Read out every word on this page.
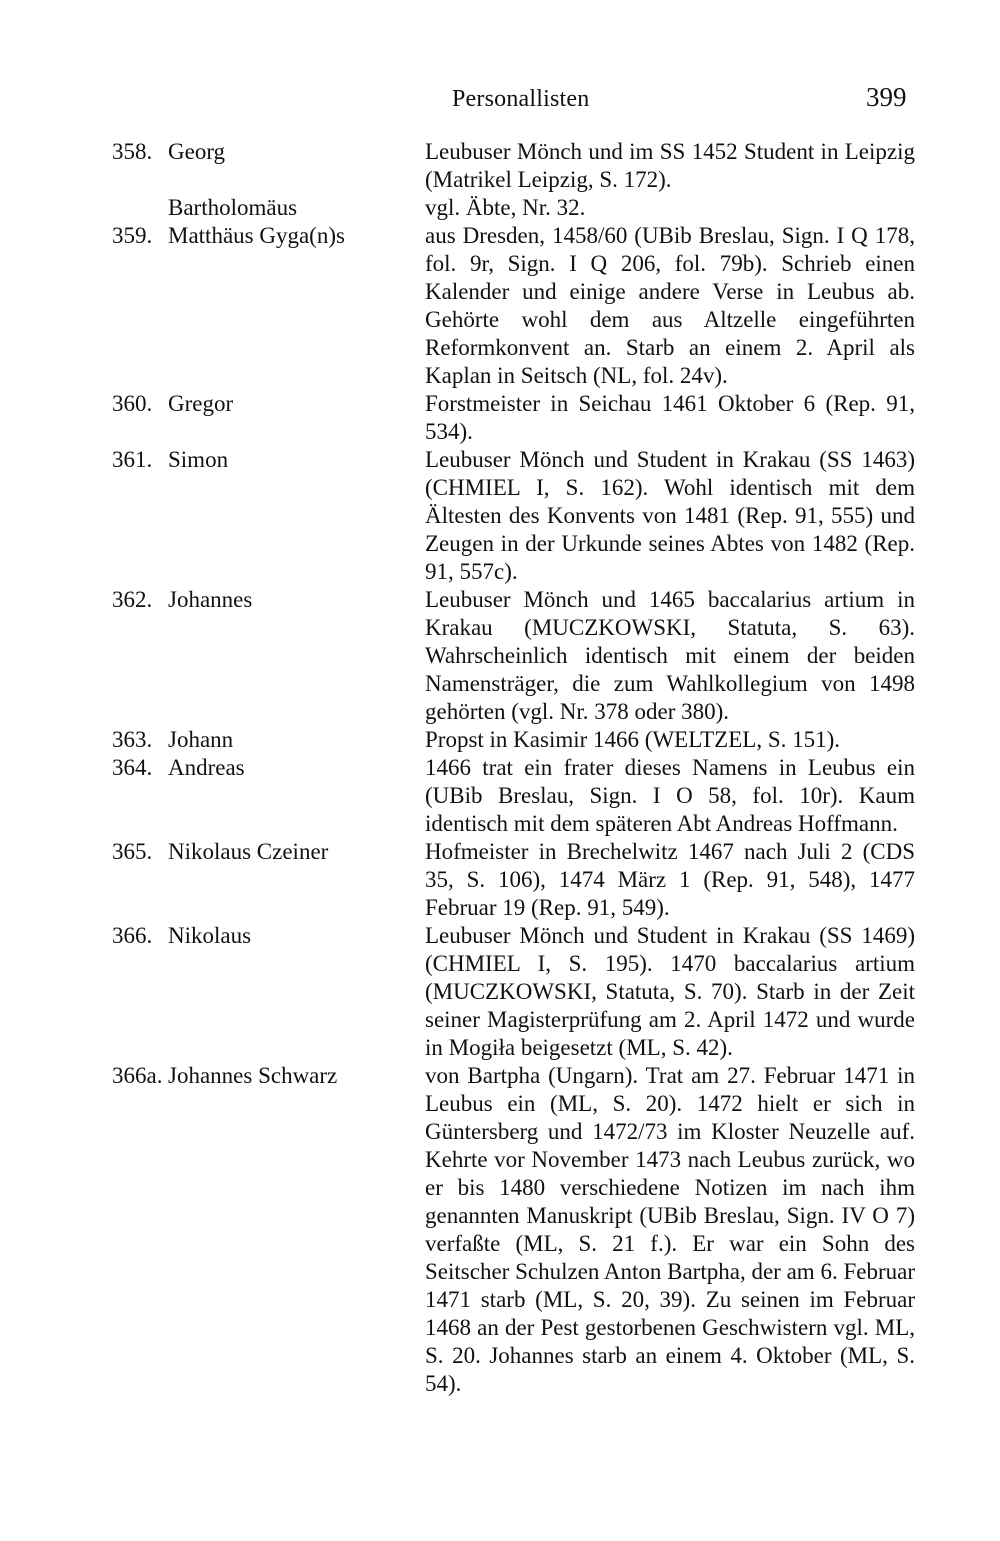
Personallisten	399
358. Georg	Leubuser Mönch und im SS 1452 Student in Leipzig (Matrikel Leipzig, S. 172).
Bartholomäus	vgl. Äbte, Nr. 32.
359. Matthäus Gyga(n)s	aus Dresden, 1458/60 (UBib Breslau, Sign. I Q 178, fol. 9r, Sign. I Q 206, fol. 79b). Schrieb einen Kalender und einige andere Verse in Leubus ab. Gehörte wohl dem aus Altzelle eingeführten Reformkonvent an. Starb an einem 2. April als Kaplan in Seitsch (NL, fol. 24v).
360. Gregor	Forstmeister in Seichau 1461 Oktober 6 (Rep. 91, 534).
361. Simon	Leubuser Mönch und Student in Krakau (SS 1463) (CHMIEL I, S. 162). Wohl identisch mit dem Ältesten des Konvents von 1481 (Rep. 91, 555) und Zeugen in der Urkunde seines Abtes von 1482 (Rep. 91, 557c).
362. Johannes	Leubuser Mönch und 1465 baccalarius artium in Krakau (MUCZKOWSKI, Statuta, S. 63). Wahrscheinlich identisch mit einem der beiden Namensträger, die zum Wahlkollegium von 1498 gehörten (vgl. Nr. 378 oder 380).
363. Johann	Propst in Kasimir 1466 (WELTZEL, S. 151).
364. Andreas	1466 trat ein frater dieses Namens in Leubus ein (UBib Breslau, Sign. I O 58, fol. 10r). Kaum identisch mit dem späteren Abt Andreas Hoffmann.
365. Nikolaus Czeiner	Hofmeister in Brechelwitz 1467 nach Juli 2 (CDS 35, S. 106), 1474 März 1 (Rep. 91, 548), 1477 Februar 19 (Rep. 91, 549).
366. Nikolaus	Leubuser Mönch und Student in Krakau (SS 1469) (CHMIEL I, S. 195). 1470 baccalarius artium (MUCZKOWSKI, Statuta, S. 70). Starb in der Zeit seiner Magisterprüfung am 2. April 1472 und wurde in Mogiła beigesetzt (ML, S. 42).
366a. Johannes Schwarz	von Bartpha (Ungarn). Trat am 27. Februar 1471 in Leubus ein (ML, S. 20). 1472 hielt er sich in Güntersberg und 1472/73 im Kloster Neuzelle auf. Kehrte vor November 1473 nach Leubus zurück, wo er bis 1480 verschiedene Notizen im nach ihm genannten Manuskript (UBib Breslau, Sign. IV O 7) verfaßte (ML, S. 21 f.). Er war ein Sohn des Seitscher Schulzen Anton Bartpha, der am 6. Februar 1471 starb (ML, S. 20, 39). Zu seinen im Februar 1468 an der Pest gestorbenen Geschwistern vgl. ML, S. 20. Johannes starb an einem 4. Oktober (ML, S. 54).
